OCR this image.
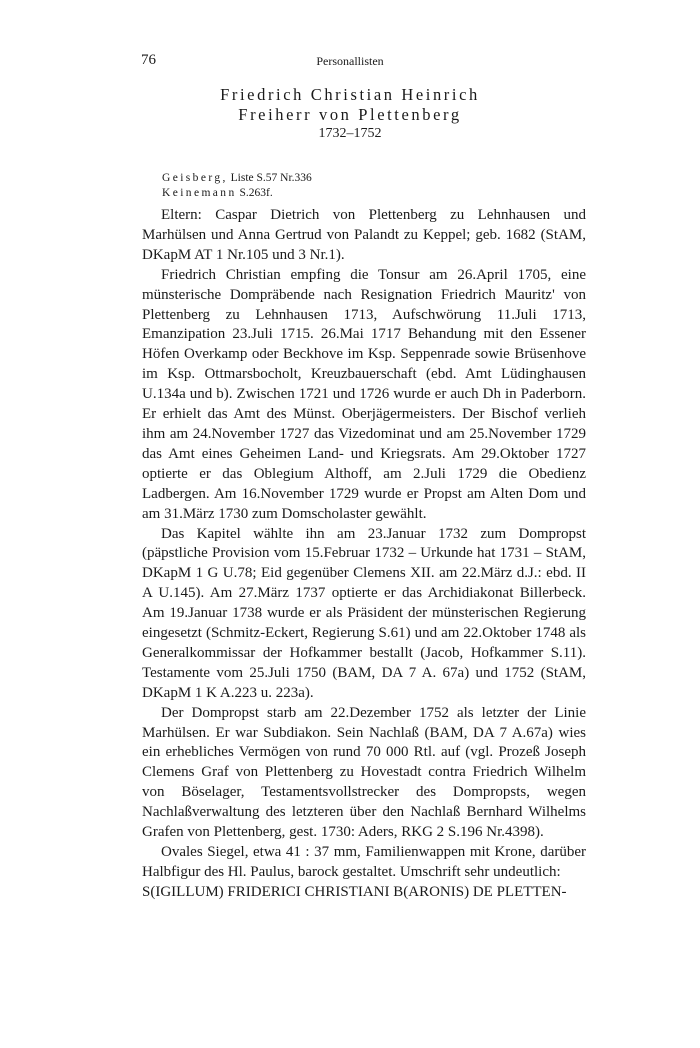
76	Personallisten
Friedrich Christian Heinrich
Freiherr von Plettenberg
1732–1752
Geisberg, Liste S.57 Nr.336
Keinemann S.263f.

Eltern: Caspar Dietrich von Plettenberg zu Lehnhausen und Marhülsen und Anna Gertrud von Palandt zu Keppel; geb. 1682 (StAM, DKapM AT 1 Nr.105 und 3 Nr.1).

Friedrich Christian empfing die Tonsur am 26.April 1705, eine münsterische Dompräbende nach Resignation Friedrich Mauritz' von Plettenberg zu Lehnhausen 1713, Aufschwörung 11.Juli 1713, Emanzipation 23.Juli 1715. 26.Mai 1717 Behandung mit den Essener Höfen Overkamp oder Beckhove im Ksp. Seppenrade sowie Brüsenhove im Ksp. Ottmarsbocholt, Kreuzbauerschaft (ebd. Amt Lüdinghausen U.134a und b). Zwischen 1721 und 1726 wurde er auch Dh in Paderborn. Er erhielt das Amt des Münst. Oberjägermeisters. Der Bischof verlieh ihm am 24.November 1727 das Vizedominat und am 25.November 1729 das Amt eines Geheimen Land- und Kriegsrats. Am 29.Oktober 1727 optierte er das Oblegium Althoff, am 2.Juli 1729 die Obedienz Ladbergen. Am 16.November 1729 wurde er Propst am Alten Dom und am 31.März 1730 zum Domscholaster gewählt.

Das Kapitel wählte ihn am 23.Januar 1732 zum Dompropst (päpstliche Provision vom 15.Februar 1732 – Urkunde hat 1731 – StAM, DKapM 1 G U.78; Eid gegenüber Clemens XII. am 22.März d.J.: ebd. II A U.145). Am 27.März 1737 optierte er das Archidiakonat Billerbeck. Am 19.Januar 1738 wurde er als Präsident der münsterischen Regierung eingesetzt (Schmitz-Eckert, Regierung S.61) und am 22.Oktober 1748 als Generalkommissar der Hofkammer bestallt (Jacob, Hofkammer S.11). Testamente vom 25.Juli 1750 (BAM, DA 7 A. 67a) und 1752 (StAM, DKapM 1 K A.223 u. 223a).

Der Dompropst starb am 22.Dezember 1752 als letzter der Linie Marhülsen. Er war Subdiakon. Sein Nachlaß (BAM, DA 7 A.67a) wies ein erhebliches Vermögen von rund 70 000 Rtl. auf (vgl. Prozeß Joseph Clemens Graf von Plettenberg zu Hovestadt contra Friedrich Wilhelm von Böselager, Testamentsvollstrecker des Dompropsts, wegen Nachlaßverwaltung des letzteren über den Nachlaß Bernhard Wilhelms Grafen von Plettenberg, gest. 1730: Aders, RKG 2 S.196 Nr.4398).

Ovales Siegel, etwa 41 : 37 mm, Familienwappen mit Krone, darüber Halbfigur des Hl. Paulus, barock gestaltet. Umschrift sehr undeutlich:

S(IGILLUM) FRIDERICI CHRISTIANI B(ARONIS) DE PLETTEN-
